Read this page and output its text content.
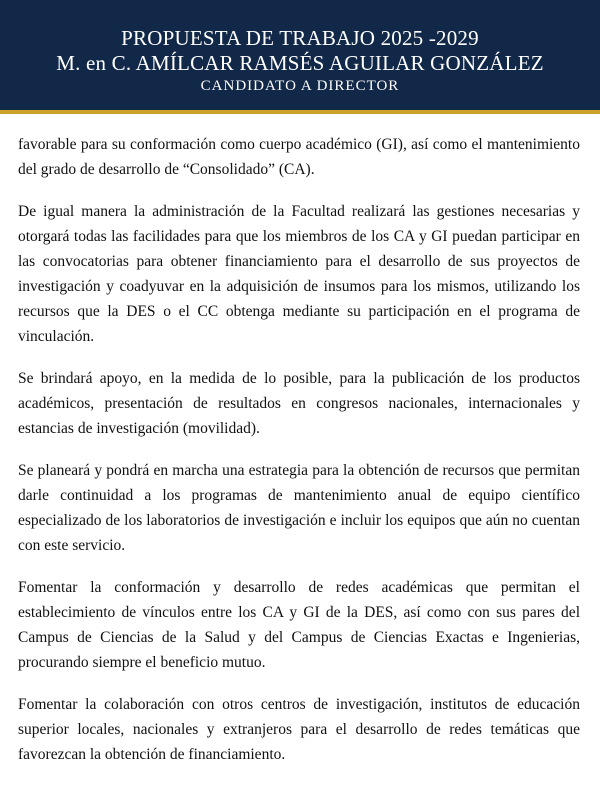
PROPUESTA DE TRABAJO 2025 -2029
M. en C. AMÍLCAR RAMSÉS AGUILAR GONZÁLEZ
CANDIDATO A DIRECTOR

favorable para su conformación como cuerpo académico (GI), así como el mantenimiento del grado de desarrollo de “Consolidado” (CA).

De igual manera la administración de la Facultad realizará las gestiones necesarias y otorgará todas las facilidades para que los miembros de los CA y GI puedan participar en las convocatorias para obtener financiamiento para el desarrollo de sus proyectos de investigación y coadyuvar en la adquisición de insumos para los mismos, utilizando los recursos que la DES o el CC obtenga mediante su participación en el programa de vinculación.

Se brindará apoyo, en la medida de lo posible, para la publicación de los productos académicos, presentación de resultados en congresos nacionales, internacionales y estancias de investigación (movilidad).

Se planeará y pondrá en marcha una estrategia para la obtención de recursos que permitan darle continuidad a los programas de mantenimiento anual de equipo científico especializado de los laboratorios de investigación e incluir los equipos que aún no cuentan con este servicio.

Fomentar la conformación y desarrollo de redes académicas que permitan el establecimiento de vínculos entre los CA y GI de la DES, así como con sus pares del Campus de Ciencias de la Salud y del Campus de Ciencias Exactas e Ingenierias, procurando siempre el beneficio mutuo.

Fomentar la colaboración con otros centros de investigación, institutos de educación superior locales, nacionales y extranjeros para el desarrollo de redes temáticas que favorezcan la obtención de financiamiento.
